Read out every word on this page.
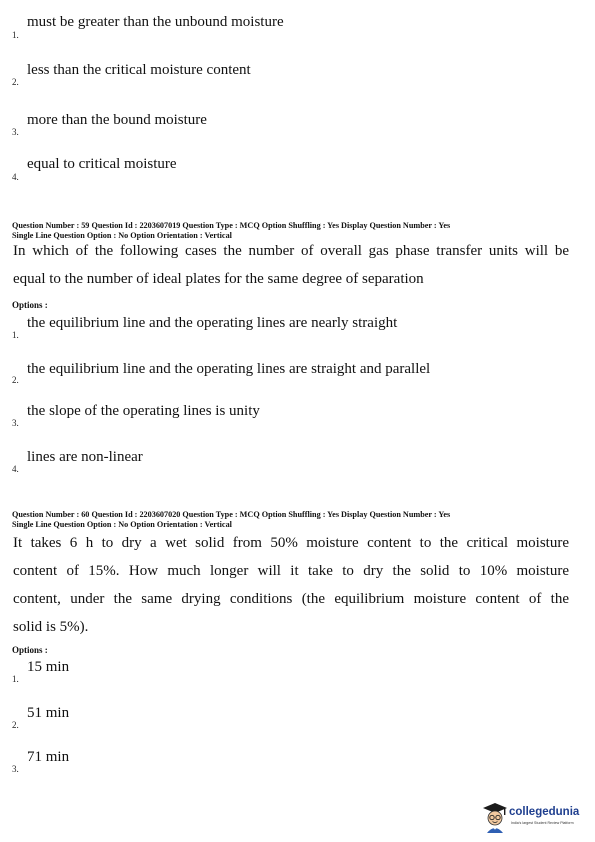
must be greater than the unbound moisture
1.
less than the critical moisture content
2.
more than the bound moisture
3.
equal to critical moisture
4.
Question Number : 59 Question Id : 2203607019 Question Type : MCQ Option Shuffling : Yes Display Question Number : Yes
Single Line Question Option : No Option Orientation : Vertical
In which of the following cases the number of overall gas phase transfer units will be
equal to the number of ideal plates for the same degree of separation
Options :
the equilibrium line and the operating lines are nearly straight
1.
the equilibrium line and the operating lines are straight and parallel
2.
the slope of the operating lines is unity
3.
lines are non-linear
4.
Question Number : 60 Question Id : 2203607020 Question Type : MCQ Option Shuffling : Yes Display Question Number : Yes
Single Line Question Option : No Option Orientation : Vertical
It takes 6 h to dry a wet solid from 50% moisture content to the critical moisture
content of 15%. How much longer will it take to dry the solid to 10% moisture
content, under the same drying conditions (the equilibrium moisture content of the
solid is 5%).
Options :
15 min
1.
51 min
2.
71 min
3.
collegedunia
India's largest Student Review Platform
